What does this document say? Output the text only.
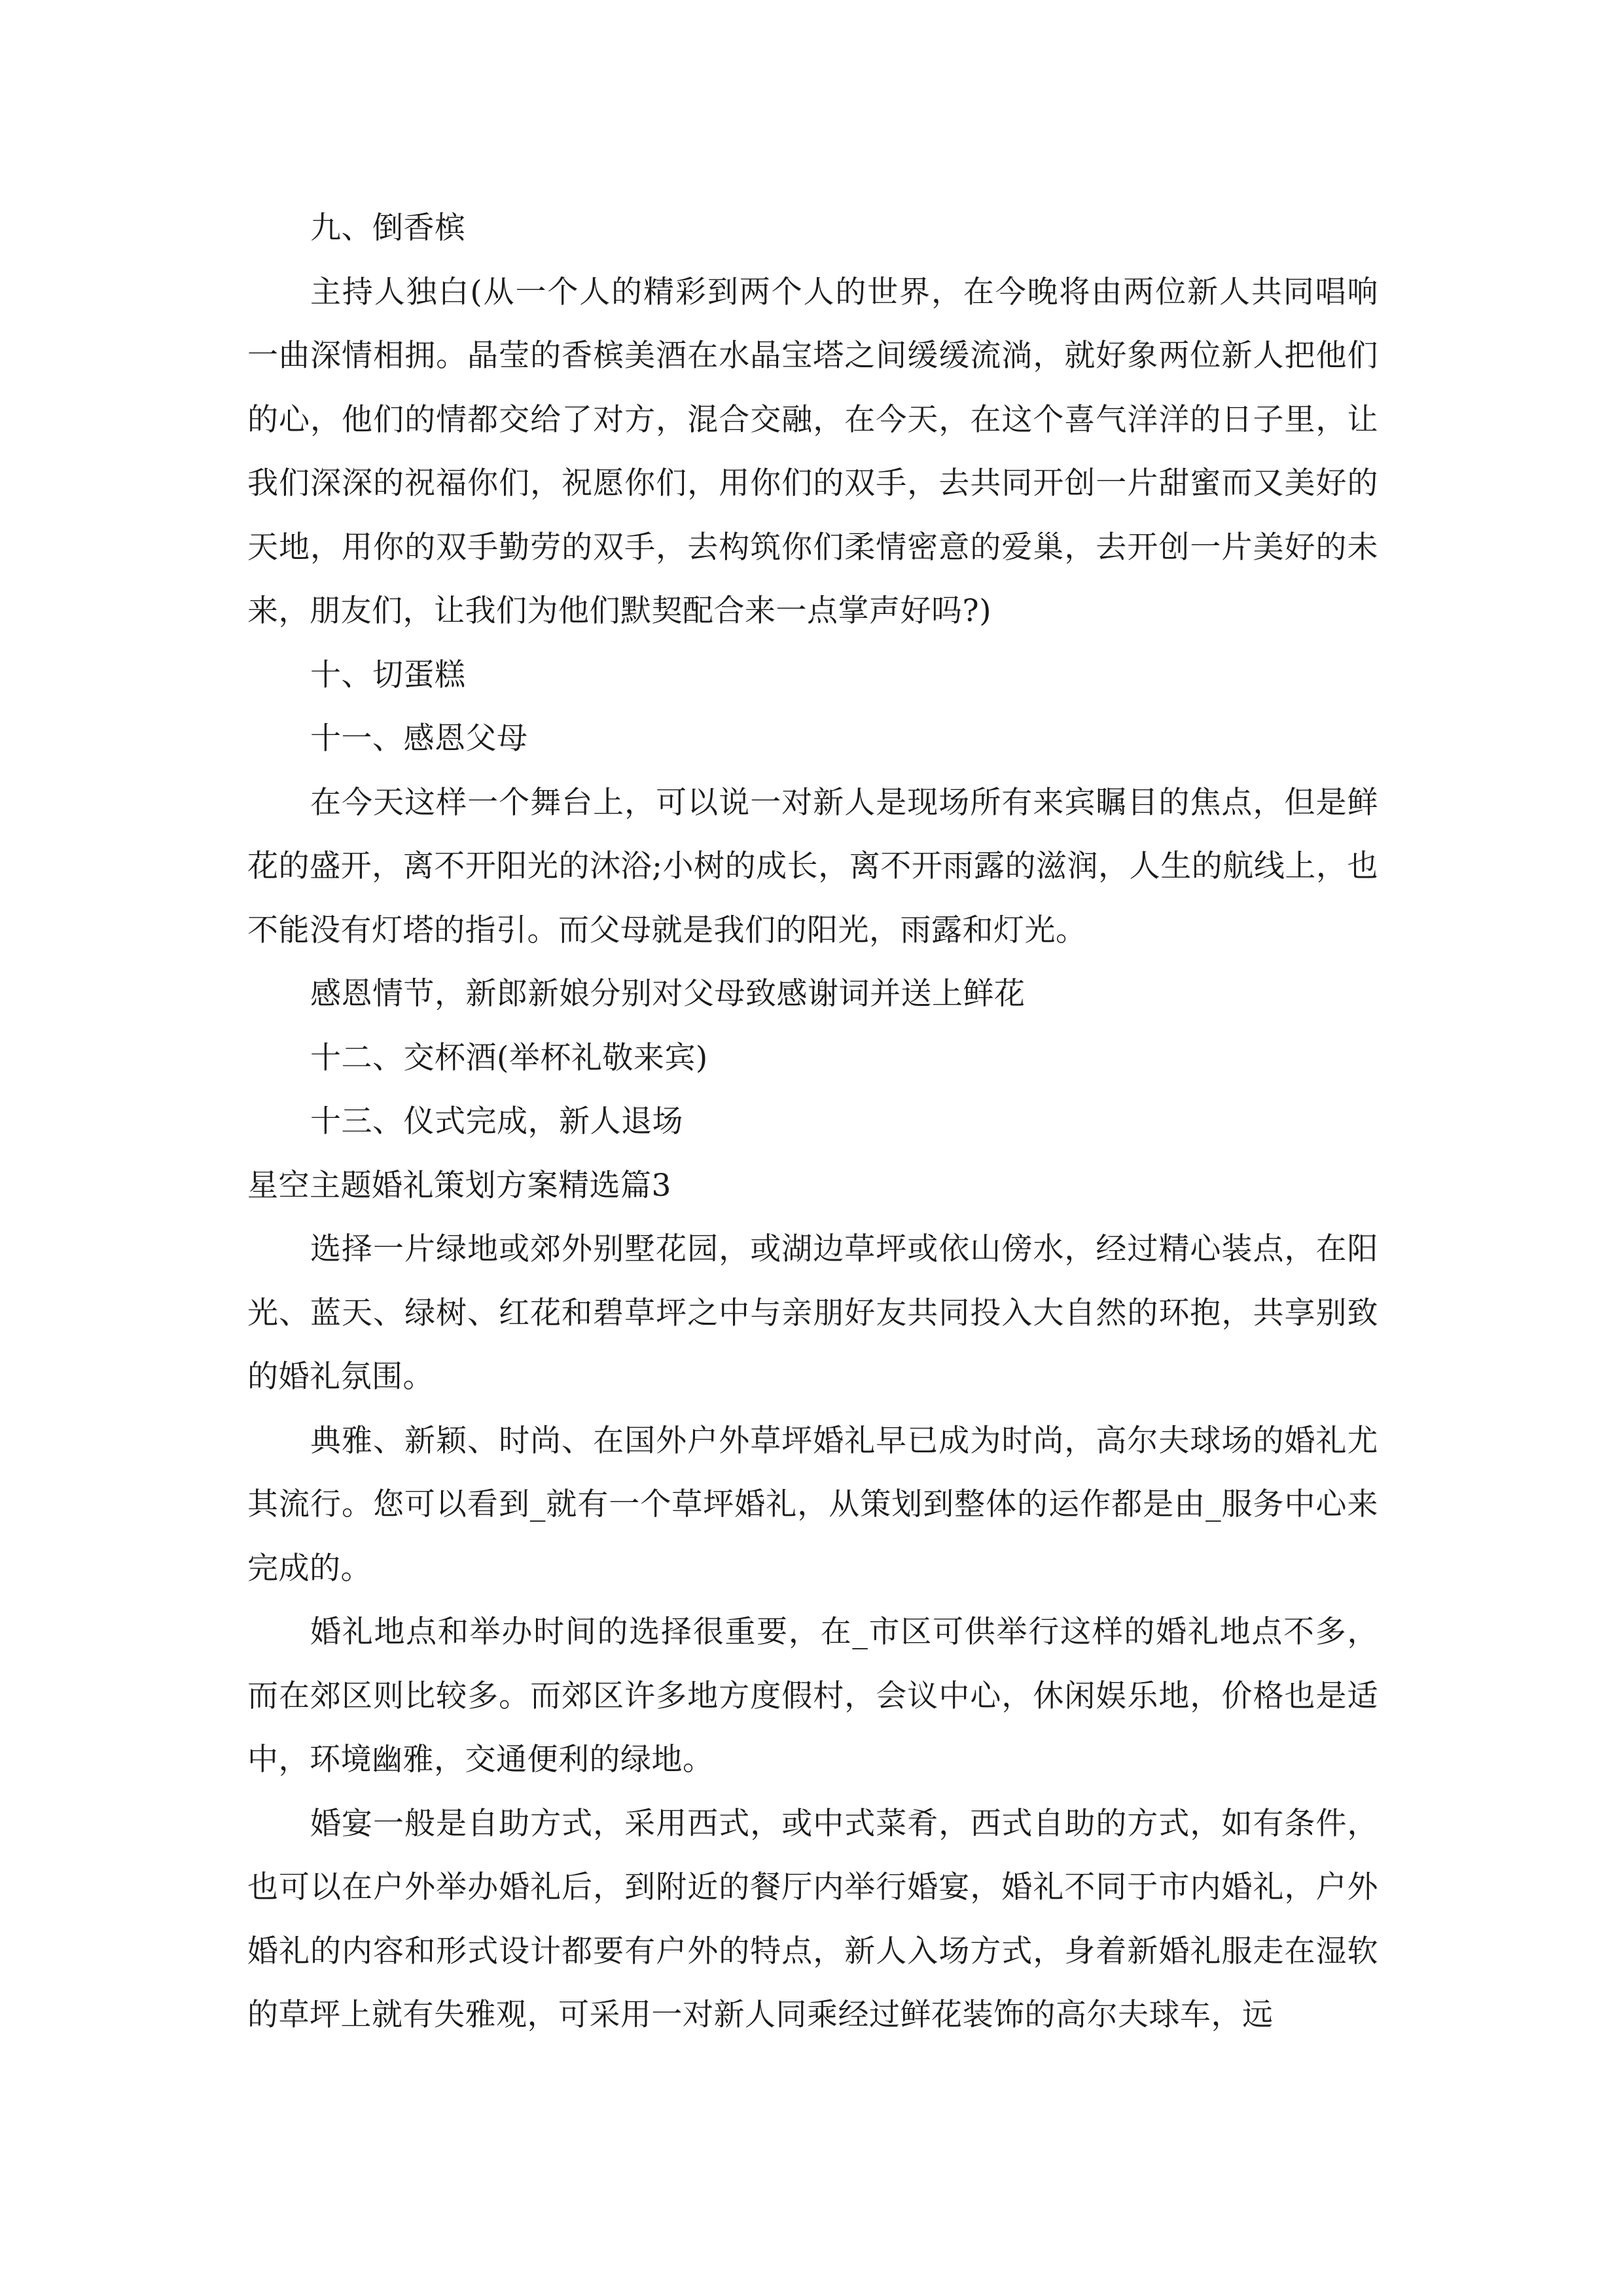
九、倒香槟

主持人独白(从一个人的精彩到两个人的世界，在今晚将由两位新人共同唱响一曲深情相拥。晶莹的香槟美酒在水晶宝塔之间缓缓流淌，就好象两位新人把他们的心，他们的情都交给了对方，混合交融，在今天，在这个喜气洋洋的日子里，让我们深深的祝福你们，祝愿你们，用你们的双手，去共同开创一片甜蜜而又美好的天地，用你的双手勤劳的双手，去构筑你们柔情密意的爱巢，去开创一片美好的未来，朋友们，让我们为他们默契配合来一点掌声好吗?)

十、切蛋糕

十一、感恩父母

在今天这样一个舞台上，可以说一对新人是现场所有来宾瞩目的焦点，但是鲜花的盛开，离不开阳光的沐浴;小树的成长，离不开雨露的滋润，人生的航线上，也不能没有灯塔的指引。而父母就是我们的阳光，雨露和灯光。

感恩情节，新郎新娘分别对父母致感谢词并送上鲜花

十二、交杯酒(举杯礼敬来宾)

十三、仪式完成，新人退场

星空主题婚礼策划方案精选篇3

选择一片绿地或郊外别墅花园，或湖边草坪或依山傍水，经过精心装点，在阳光、蓝天、绿树、红花和碧草坪之中与亲朋好友共同投入大自然的环抱，共享别致的婚礼氛围。

典雅、新颖、时尚、在国外户外草坪婚礼早已成为时尚，高尔夫球场的婚礼尤其流行。您可以看到_就有一个草坪婚礼，从策划到整体的运作都是由_服务中心来完成的。

婚礼地点和举办时间的选择很重要，在_市区可供举行这样的婚礼地点不多，而在郊区则比较多。而郊区许多地方度假村，会议中心，休闲娱乐地，价格也是适中，环境幽雅，交通便利的绿地。

婚宴一般是自助方式，采用西式，或中式菜肴，西式自助的方式，如有条件，也可以在户外举办婚礼后，到附近的餐厅内举行婚宴，婚礼不同于市内婚礼，户外婚礼的内容和形式设计都要有户外的特点，新人入场方式，身着新婚礼服走在湿软的草坪上就有失雅观，可采用一对新人同乘经过鲜花装饰的高尔夫球车，远
